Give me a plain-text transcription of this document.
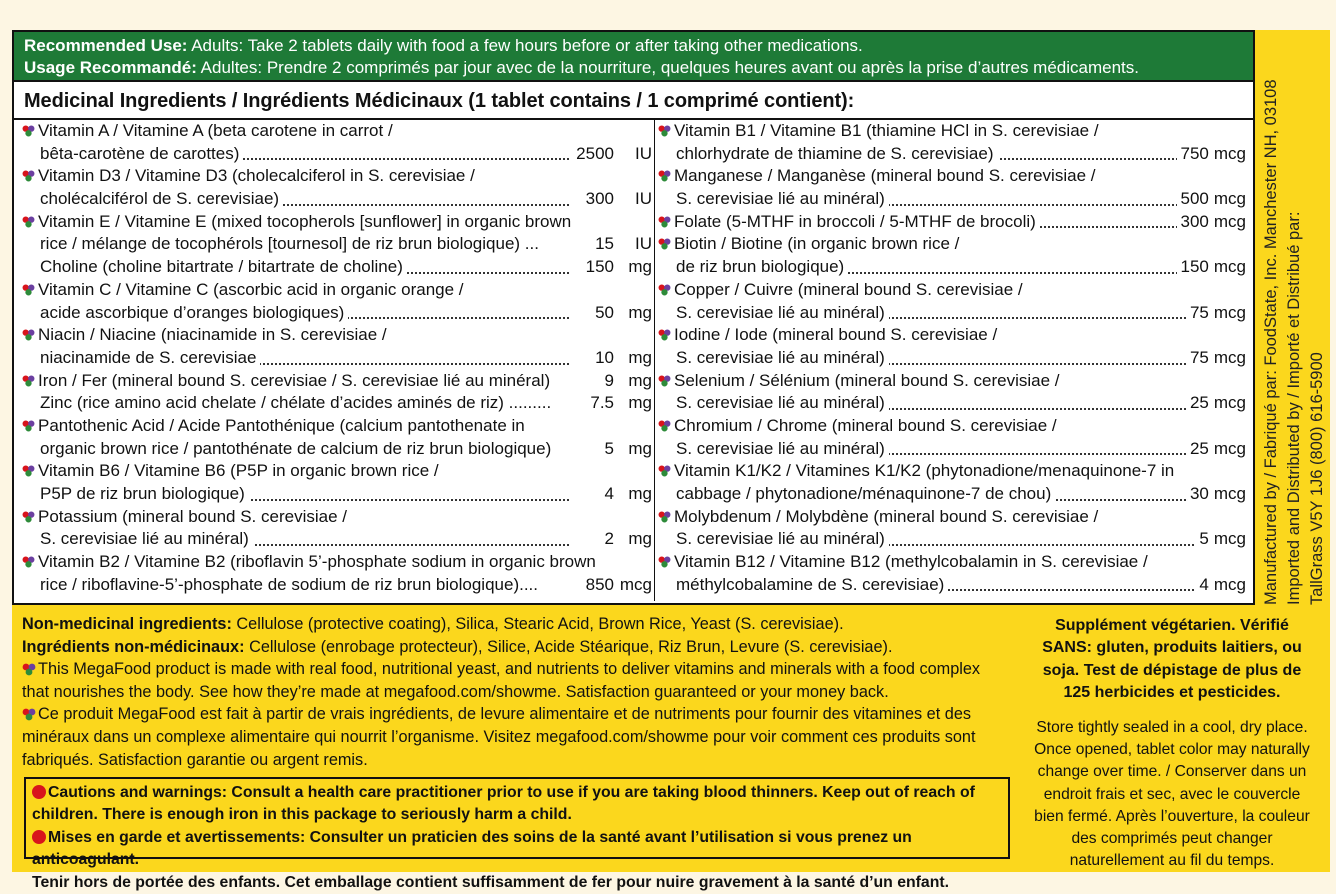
Recommended Use: Adults: Take 2 tablets daily with food a few hours before or after taking other medications.
Usage Recommandé: Adultes: Prendre 2 comprimés par jour avec de la nourriture, quelques heures avant ou après la prise d’autres médicaments.
Medicinal Ingredients / Ingrédients Médicinaux (1 tablet contains / 1 comprimé contient):
Vitamin A / Vitamine A (beta carotene in carrot /
bêta-carotène de carottes)	2500 IU
Vitamin D3 / Vitamine D3 (cholecalciferol in S. cerevisiae /
cholécalciférol de S. cerevisiae)	300 IU
Vitamin E / Vitamine E (mixed tocopherols [sunflower] in organic brown
rice / mélange de tocophérols [tournesol] de riz brun biologique) ...	15 IU
Choline (choline bitartrate / bitartrate de choline)	150 mg
Vitamin C / Vitamine C (ascorbic acid in organic orange /
acide ascorbique d’oranges biologiques)	50 mg
Niacin / Niacine (niacinamide in S. cerevisiae /
niacinamide de S. cerevisiae	10 mg
Iron / Fer (mineral bound S. cerevisiae / S. cerevisiae lié au minéral)	9 mg
Zinc (rice amino acid chelate / chélate d’acides aminés de riz) .........	7.5 mg
Pantothenic Acid / Acide Pantothénique (calcium pantothenate in
organic brown rice / pantothénate de calcium de riz brun biologique)	5 mg
Vitamin B6 / Vitamine B6 (P5P in organic brown rice /
P5P de riz brun biologique)	4 mg
Potassium (mineral bound S. cerevisiae /
S. cerevisiae lié au minéral)	2 mg
Vitamin B2 / Vitamine B2 (riboflavin 5’-phosphate sodium in organic brown
rice / riboflavine-5’-phosphate de sodium de riz brun biologique)....	850 mcg
Vitamin B1 / Vitamine B1 (thiamine HCl in S. cerevisiae /
chlorhydrate de thiamine de S. cerevisiae)	750 mcg
Manganese / Manganèse (mineral bound S. cerevisiae /
S. cerevisiae lié au minéral)	500 mcg
Folate (5-MTHF in broccoli / 5-MTHF de brocoli)	300 mcg
Biotin / Biotine (in organic brown rice /
de riz brun biologique)	150 mcg
Copper / Cuivre (mineral bound S. cerevisiae /
S. cerevisiae lié au minéral)	75 mcg
Iodine / Iode (mineral bound S. cerevisiae /
S. cerevisiae lié au minéral)	75 mcg
Selenium / Sélénium (mineral bound S. cerevisiae /
S. cerevisiae lié au minéral)	25 mcg
Chromium / Chrome (mineral bound S. cerevisiae /
S. cerevisiae lié au minéral)	25 mcg
Vitamin K1/K2 / Vitamines K1/K2 (phytonadione/menaquinone-7 in
cabbage / phytonadione/ménaquinone-7 de chou)	30 mcg
Molybdenum / Molybdène (mineral bound S. cerevisiae /
S. cerevisiae lié au minéral)	5 mcg
Vitamin B12 / Vitamine B12 (methylcobalamin in S. cerevisiae /
méthylcobalamine de S. cerevisiae)	4 mcg Manufactured by / Fabriqué par: FoodState, Inc. Manchester NH, 03108 Imported and Distributed by / Importé et Distribué par: TallGrass V5Y 1J6 (800) 616-5900

Non-medicinal ingredients: Cellulose (protective coating), Silica, Stearic Acid, Brown Rice, Yeast (S. cerevisiae).

Ingrédients non-médicinaux: Cellulose (enrobage protecteur), Silice, Acide Stéarique, Riz Brun, Levure (S. cerevisiae).

This MegaFood product is made with real food, nutritional yeast, and nutrients to deliver vitamins and minerals with a food complex
that nourishes the body. See how they’re made at megafood.com/showme. Satisfaction guaranteed or your money back.

Ce produit MegaFood est fait à partir de vrais ingrédients, de levure alimentaire et de nutriments pour fournir des vitamines et des
minéraux dans un complexe alimentaire qui nourrit l’organisme. Visitez megafood.com/showme pour voir comment ces produits sont
fabriqués. Satisfaction garantie ou argent remis.

Cautions and warnings: Consult a health care practitioner prior to use if you are taking blood thinners. Keep out of reach of
children. There is enough iron in this package to seriously harm a child.
Mises en garde et avertissements: Consulter un praticien des soins de la santé avant l’utilisation si vous prenez un anticoagulant.
Tenir hors de portée des enfants. Cet emballage contient suffisamment de fer pour nuire gravement à la santé d’un enfant.
Supplément végétarien. Vérifié
SANS: gluten, produits laitiers, ou
soja. Test de dépistage de plus de
125 herbicides et pesticides.
Store tightly sealed in a cool, dry place.
Once opened, tablet color may naturally
change over time. / Conserver dans un
endroit frais et sec, avec le couvercle
bien fermé. Après l’ouverture, la couleur
des comprimés peut changer
naturellement au fil du temps.
